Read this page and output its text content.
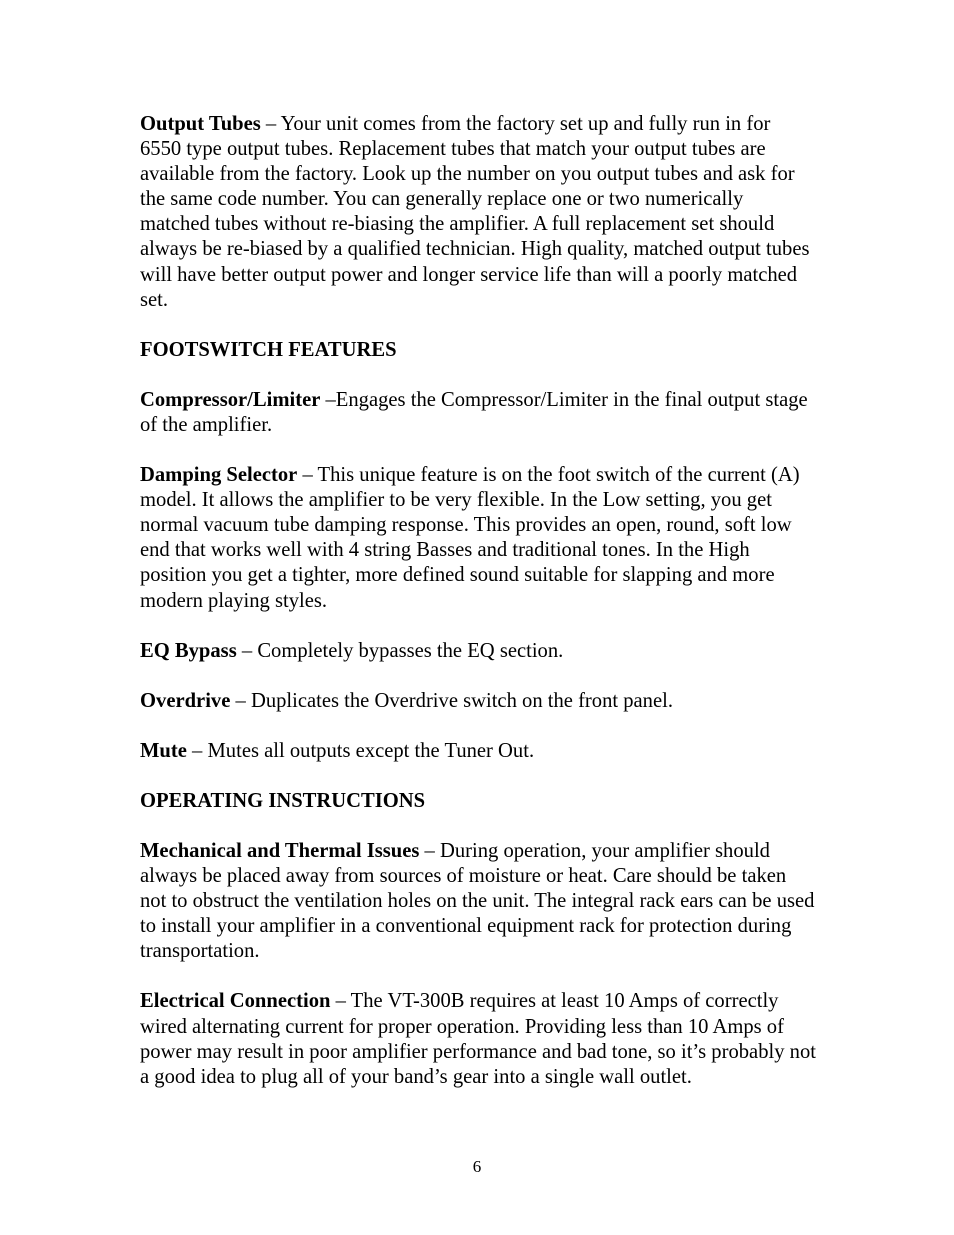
Output Tubes – Your unit comes from the factory set up and fully run in for 6550 type output tubes. Replacement tubes that match your output tubes are available from the factory. Look up the number on you output tubes and ask for the same code number. You can generally replace one or two numerically matched tubes without re-biasing the amplifier. A full replacement set should always be re-biased by a qualified technician. High quality, matched output tubes will have better output power and longer service life than will a poorly matched set.

FOOTSWITCH FEATURES

Compressor/Limiter –Engages the Compressor/Limiter in the final output stage of the amplifier.

Damping Selector – This unique feature is on the foot switch of the current (A) model. It allows the amplifier to be very flexible. In the Low setting, you get normal vacuum tube damping response. This provides an open, round, soft low end that works well with 4 string Basses and traditional tones. In the High position you get a tighter, more defined sound suitable for slapping and more modern playing styles.

EQ Bypass – Completely bypasses the EQ section.

Overdrive – Duplicates the Overdrive switch on the front panel.

Mute – Mutes all outputs except the Tuner Out.

OPERATING INSTRUCTIONS

Mechanical and Thermal Issues – During operation, your amplifier should always be placed away from sources of moisture or heat. Care should be taken not to obstruct the ventilation holes on the unit. The integral rack ears can be used to install your amplifier in a conventional equipment rack for protection during transportation.

Electrical Connection – The VT-300B requires at least 10 Amps of correctly wired alternating current for proper operation. Providing less than 10 Amps of power may result in poor amplifier performance and bad tone, so it’s probably not a good idea to plug all of your band’s gear into a single wall outlet.

6
